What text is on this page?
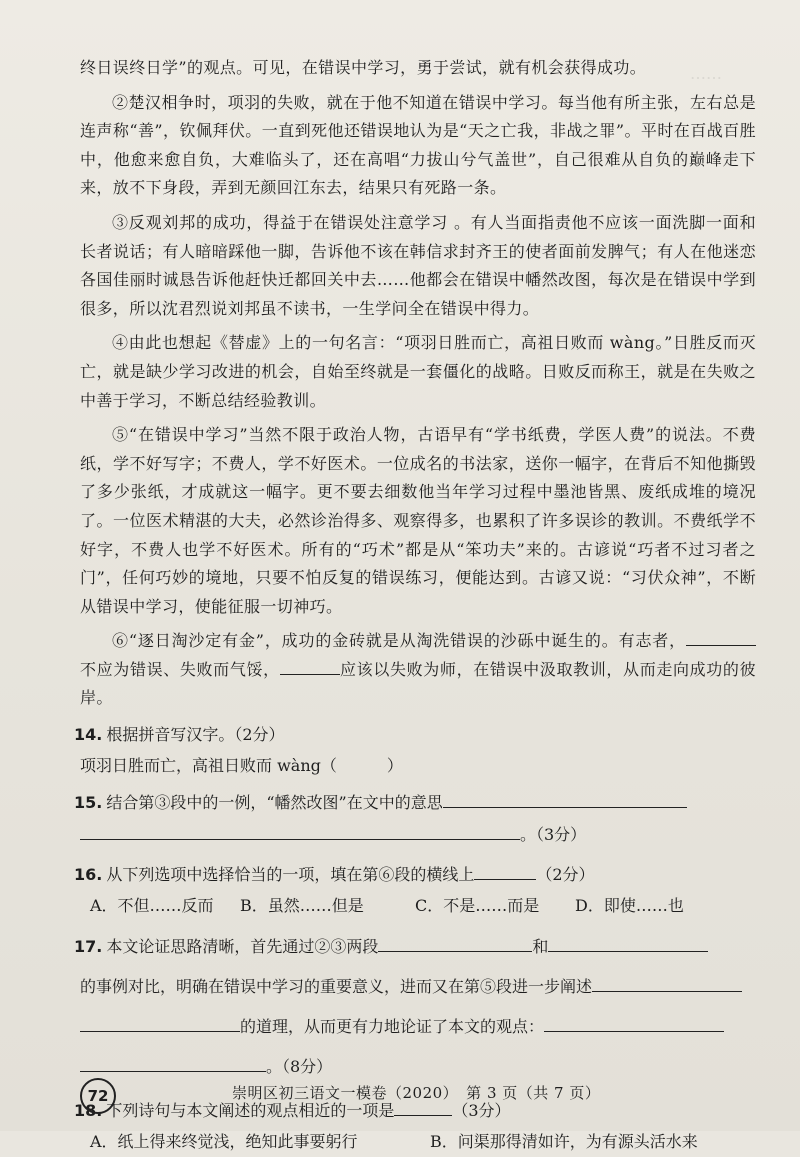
……

终日误终日学”的观点。可见，在错误中学习，勇于尝试，就有机会获得成功。

②楚汉相争时，项羽的失败，就在于他不知道在错误中学习。每当他有所主张，左右总是连声称“善”，钦佩拜伏。一直到死他还错误地认为是“天之亡我，非战之罪”。平时在百战百胜中，他愈来愈自负，大难临头了，还在高唱“力拔山兮气盖世”，自己很难从自负的巅峰走下来，放不下身段，弄到无颜回江东去，结果只有死路一条。

③反观刘邦的成功，得益于在错误处注意学习 。有人当面指责他不应该一面洗脚一面和长者说话；有人暗暗踩他一脚，告诉他不该在韩信求封齐王的使者面前发脾气；有人在他迷恋各国佳丽时诚恳告诉他赶快迁都回关中去……他都会在错误中幡然改图，每次是在错误中学到很多，所以沈君烈说刘邦虽不读书，一生学问全在错误中得力。

④由此也想起《替虚》上的一句名言：“项羽日胜而亡，高祖日败而 wàng。”日胜反而灭亡，就是缺少学习改进的机会，自始至终就是一套僵化的战略。日败反而称王，就是在失败之中善于学习，不断总结经验教训。

⑤“在错误中学习”当然不限于政治人物，古语早有“学书纸费，学医人费”的说法。不费纸，学不好写字；不费人，学不好医术。一位成名的书法家，送你一幅字，在背后不知他撕毁了多少张纸，才成就这一幅字。更不要去细数他当年学习过程中墨池皆黑、废纸成堆的境况了。一位医术精湛的大夫，必然诊治得多、观察得多，也累积了许多误诊的教训。不费纸学不好字，不费人也学不好医术。所有的“巧术”都是从“笨功夫”来的。古谚说“巧者不过习者之门”，任何巧妙的境地，只要不怕反复的错误练习，便能达到。古谚又说：“习伏众神”，不断从错误中学习，使能征服一切神巧。

⑥“逐日淘沙定有金”，成功的金砖就是从淘洗错误的沙砾中诞生的。有志者，不应为错误、失败而气馁，	应该以失败为师，在错误中汲取教训，从而走向成功的彼岸。

14. 根据拼音写汉字。（2分）
项羽日胜而亡，高祖日败而 wàng（	）
15. 结合第③段中的一例，“幡然改图”在文中的意思
。（3分）
16. 从下列选项中选择恰当的一项，填在第⑥段的横线上	（2分）
A．不但……反而	B．虽然……但是	C．不是……而是	D．即使……也
17. 本文论证思路清晰，首先通过②③两段	和
的事例对比，明确在错误中学习的重要意义，进而又在第⑤段进一步阐述
的道理，从而更有力地论证了本文的观点：
。（8分）
18. 下列诗句与本文阐述的观点相近的一项是	（3分）
A．纸上得来终觉浅，绝知此事要躬行	B．问渠那得清如许，为有源头活水来
72	崇明区初三语文一模卷（2020）　第 3 页（共 7 页）
